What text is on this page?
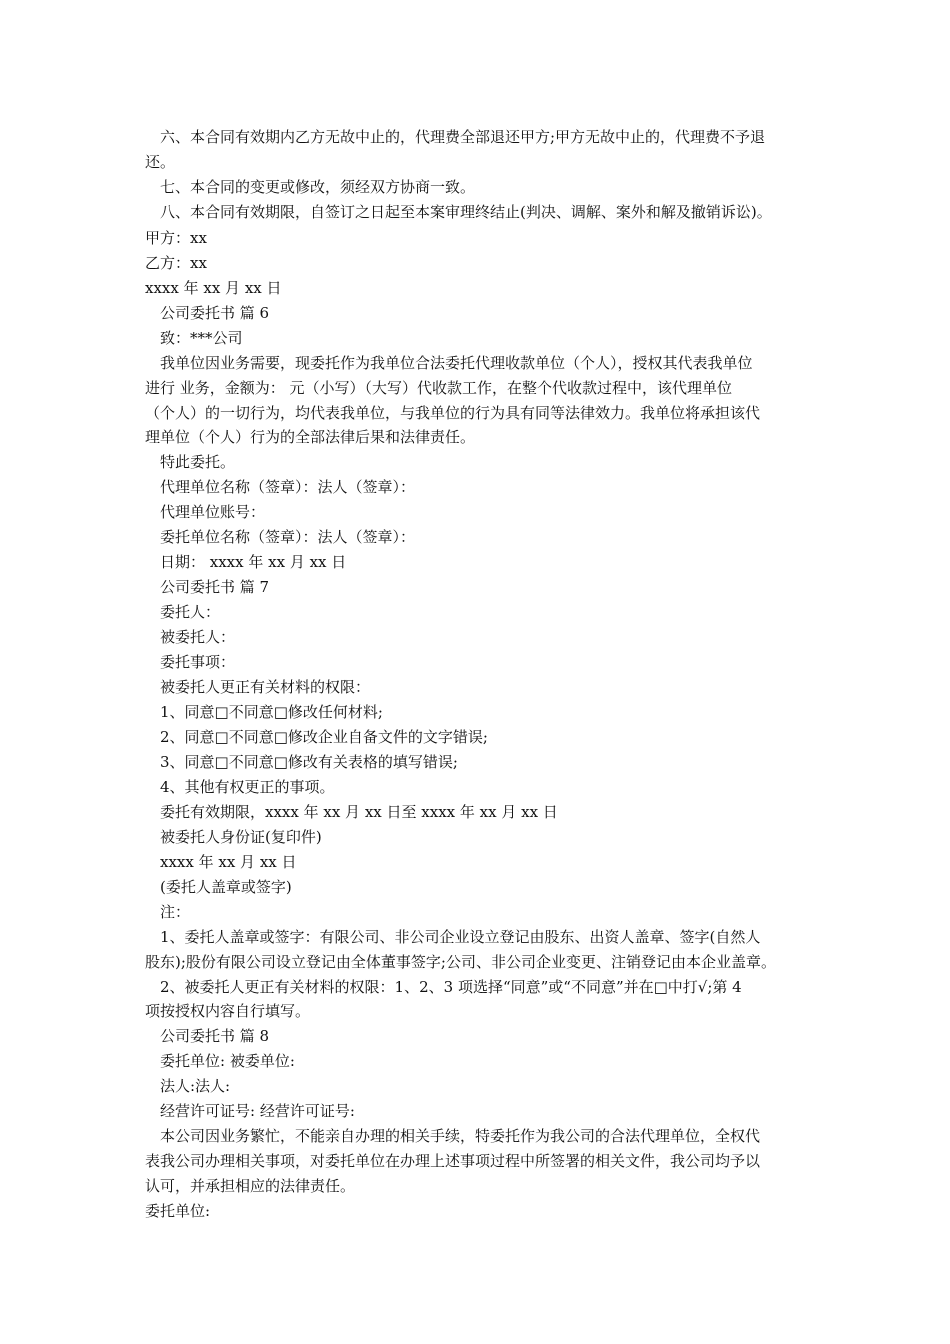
六、本合同有效期内乙方无故中止的，代理费全部退还甲方;甲方无故中止的，代理费不予退
还。
七、本合同的变更或修改，须经双方协商一致。
八、本合同有效期限，自签订之日起至本案审理终结止(判决、调解、案外和解及撤销诉讼)。
甲方：xx
乙方：xx
xxxx 年 xx 月 xx 日
公司委托书 篇 6
致：***公司
我单位因业务需要，现委托作为我单位合法委托代理收款单位（个人），授权其代表我单位
进行 业务，金额为： 元（小写）（大写）代收款工作，在整个代收款过程中，该代理单位
（个人）的一切行为，均代表我单位，与我单位的行为具有同等法律效力。我单位将承担该代
理单位（个人）行为的全部法律后果和法律责任。
特此委托。
代理单位名称（签章）：法人（签章）：
代理单位账号：
委托单位名称（签章）：法人（签章）：
日期： xxxx 年 xx 月 xx 日
公司委托书 篇 7
委托人：
被委托人：
委托事项：
被委托人更正有关材料的权限：
1、同意□不同意□修改任何材料;
2、同意□不同意□修改企业自备文件的文字错误;
3、同意□不同意□修改有关表格的填写错误;
4、其他有权更正的事项。
委托有效期限，xxxx 年 xx 月 xx 日至 xxxx 年 xx 月 xx 日
被委托人身份证(复印件)
xxxx 年 xx 月 xx 日
(委托人盖章或签字)
注：
1、委托人盖章或签字：有限公司、非公司企业设立登记由股东、出资人盖章、签字(自然人
股东);股份有限公司设立登记由全体董事签字;公司、非公司企业变更、注销登记由本企业盖章。
2、被委托人更正有关材料的权限：1、2、3 项选择“同意”或“不同意”并在□中打√;第 4
项按授权内容自行填写。
公司委托书 篇 8
委托单位: 被委单位:
法人:法人:
经营许可证号: 经营许可证号:
本公司因业务繁忙，不能亲自办理的相关手续，特委托作为我公司的合法代理单位，全权代
表我公司办理相关事项，对委托单位在办理上述事项过程中所签署的相关文件，我公司均予以
认可，并承担相应的法律责任。
委托单位:
